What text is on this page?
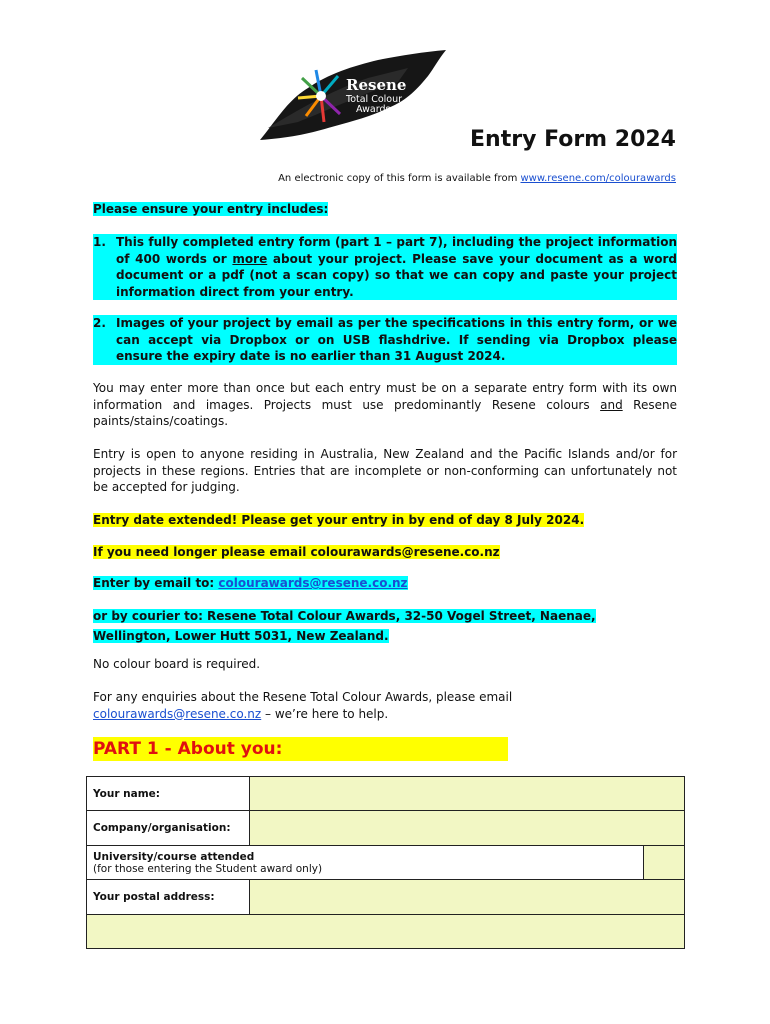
Resene
Total Colour
Awards
Entry Form 2024
An electronic copy of this form is available from www.resene.com/colourawards
Please ensure your entry includes:
1. This fully completed entry form (part 1 – part 7), including the project information of 400 words or more about your project. Please save your document as a word document or a pdf (not a scan copy) so that we can copy and paste your project information direct from your entry.
2. Images of your project by email as per the specifications in this entry form, or we can accept via Dropbox or on USB flashdrive. If sending via Dropbox please ensure the expiry date is no earlier than 31 August 2024.
You may enter more than once but each entry must be on a separate entry form with its own information and images. Projects must use predominantly Resene colours and Resene paints/stains/coatings.
Entry is open to anyone residing in Australia, New Zealand and the Pacific Islands and/or for projects in these regions. Entries that are incomplete or non-conforming can unfortunately not be accepted for judging.
Entry date extended! Please get your entry in by end of day 8 July 2024.
If you need longer please email colourawards@resene.co.nz
Enter by email to: colourawards@resene.co.nz
or by courier to: Resene Total Colour Awards, 32-50 Vogel Street, Naenae, Wellington, Lower Hutt 5031, New Zealand.
No colour board is required.
For any enquiries about the Resene Total Colour Awards, please email colourawards@resene.co.nz – we’re here to help.
PART 1 - About you:
Your name:		
Company/organisation:		

University/course attended
(for those entering the Student award only)		

Your postal address:		
